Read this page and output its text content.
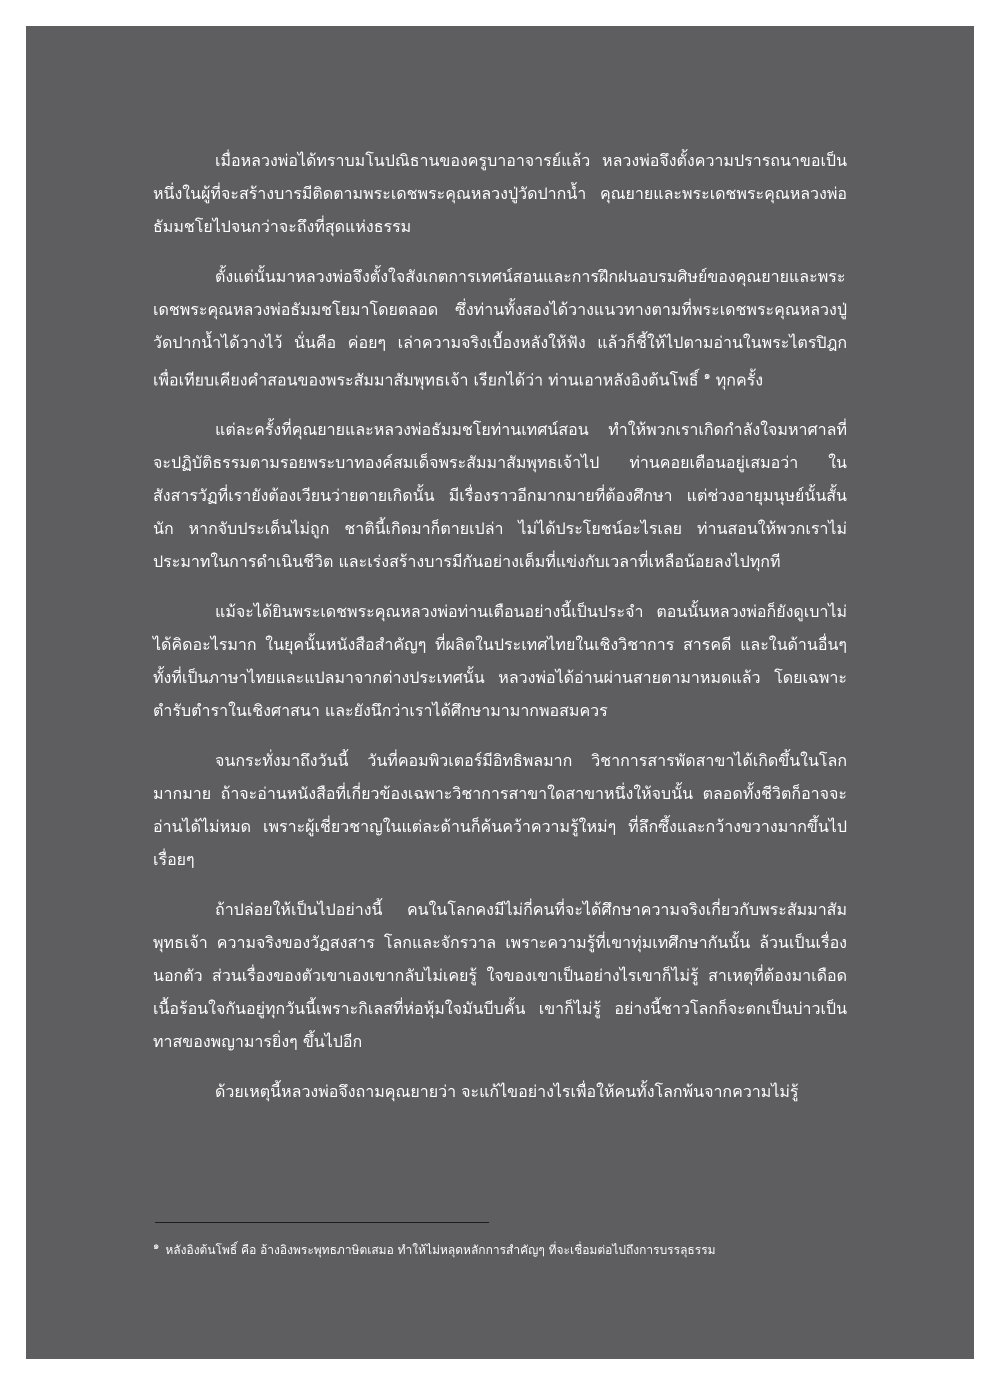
เมื่อหลวงพ่อได้ทราบมโนปณิธานของครูบาอาจารย์แล้ว หลวงพ่อจึงตั้งความปรารถนาขอเป็นหนึ่งในผู้ที่จะสร้างบารมีติดตามพระเดชพระคุณหลวงปู่วัดปากน้ำ คุณยายและพระเดชพระคุณหลวงพ่อธัมมชโยไปจนกว่าจะถึงที่สุดแห่งธรรม

ตั้งแต่นั้นมาหลวงพ่อจึงตั้งใจสังเกตการเทศน์สอนและการฝึกฝนอบรมศิษย์ของคุณยายและพระเดชพระคุณหลวงพ่อธัมมชโยมาโดยตลอด ซึ่งท่านทั้งสองได้วางแนวทางตามที่พระเดชพระคุณหลวงปู่วัดปากน้ำได้วางไว้ นั่นคือ ค่อยๆ เล่าความจริงเบื้องหลังให้ฟัง แล้วก็ชี้ให้ไปตามอ่านในพระไตรปิฎก เพื่อเทียบเคียงคำสอนของพระสัมมาสัมพุทธเจ้า เรียกได้ว่า ท่านเอาหลังอิงต้นโพธิ์ $^๑$ ทุกครั้ง

แต่ละครั้งที่คุณยายและหลวงพ่อธัมมชโยท่านเทศน์สอน ทำให้พวกเราเกิดกำลังใจมหาศาลที่จะปฏิบัติธรรมตามรอยพระบาทองค์สมเด็จพระสัมมาสัมพุทธเจ้าไป ท่านคอยเตือนอยู่เสมอว่า ในสังสารวัฏที่เรายังต้องเวียนว่ายตายเกิดนั้น มีเรื่องราวอีกมากมายที่ต้องศึกษา แต่ช่วงอายุมนุษย์นั้นสั้นนัก หากจับประเด็นไม่ถูก ชาตินี้เกิดมาก็ตายเปล่า ไม่ได้ประโยชน์อะไรเลย ท่านสอนให้พวกเราไม่ประมาทในการดำเนินชีวิต และเร่งสร้างบารมีกันอย่างเต็มที่แข่งกับเวลาที่เหลือน้อยลงไปทุกที

แม้จะได้ยินพระเดชพระคุณหลวงพ่อท่านเตือนอย่างนี้เป็นประจำ ตอนนั้นหลวงพ่อก็ยังดูเบาไม่ได้คิดอะไรมาก ในยุคนั้นหนังสือสำคัญๆ ที่ผลิตในประเทศไทยในเชิงวิชาการ สารคดี และในด้านอื่นๆ ทั้งที่เป็นภาษาไทยและแปลมาจากต่างประเทศนั้น หลวงพ่อได้อ่านผ่านสายตามาหมดแล้ว โดยเฉพาะตำรับตำราในเชิงศาสนา และยังนึกว่าเราได้ศึกษามามากพอสมควร

จนกระทั่งมาถึงวันนี้ วันที่คอมพิวเตอร์มีอิทธิพลมาก วิชาการสารพัดสาขาได้เกิดขึ้นในโลกมากมาย ถ้าจะอ่านหนังสือที่เกี่ยวข้องเฉพาะวิชาการสาขาใดสาขาหนึ่งให้จบนั้น ตลอดทั้งชีวิตก็อาจจะอ่านได้ไม่หมด เพราะผู้เชี่ยวชาญในแต่ละด้านก็ค้นคว้าความรู้ใหม่ๆ ที่ลึกซึ้งและกว้างขวางมากขึ้นไปเรื่อยๆ

ถ้าปล่อยให้เป็นไปอย่างนี้ คนในโลกคงมีไม่กี่คนที่จะได้ศึกษาความจริงเกี่ยวกับพระสัมมาสัมพุทธเจ้า ความจริงของวัฏสงสาร โลกและจักรวาล เพราะความรู้ที่เขาทุ่มเทศึกษากันนั้น ล้วนเป็นเรื่องนอกตัว ส่วนเรื่องของตัวเขาเองเขากลับไม่เคยรู้ ใจของเขาเป็นอย่างไรเขาก็ไม่รู้ สาเหตุที่ต้องมาเดือดเนื้อร้อนใจกันอยู่ทุกวันนี้เพราะกิเลสที่ห่อหุ้มใจมันบีบคั้น เขาก็ไม่รู้ อย่างนี้ชาวโลกก็จะตกเป็นบ่าวเป็นทาสของพญามารยิ่งๆ ขึ้นไปอีก

ด้วยเหตุนี้หลวงพ่อจึงถามคุณยายว่า จะแก้ไขอย่างไรเพื่อให้คนทั้งโลกพ้นจากความไม่รู้

$^๑$ หลังอิงต้นโพธิ์ คือ อ้างอิงพระพุทธภาษิตเสมอ ทำให้ไม่หลุดหลักการสำคัญๆ ที่จะเชื่อมต่อไปถึงการบรรลุธรรม
